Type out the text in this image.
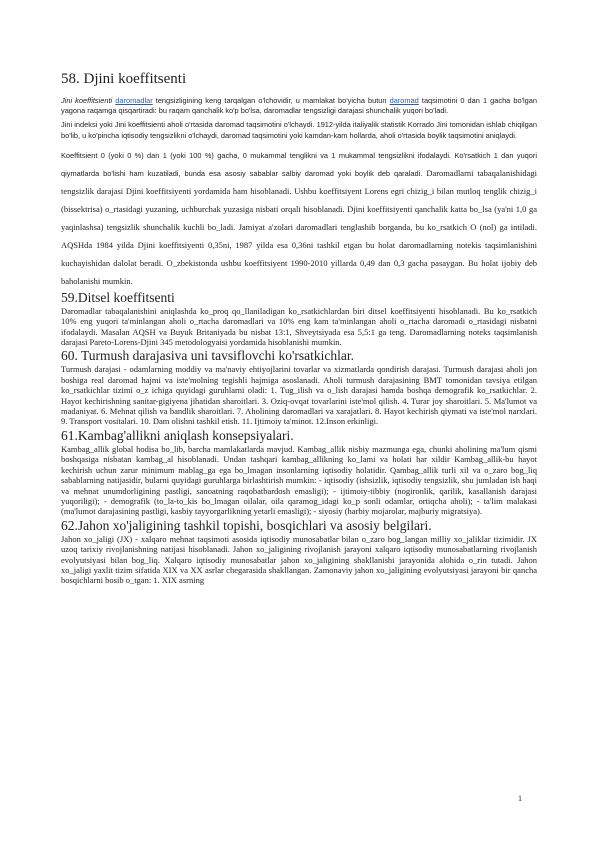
58. Djini koeffitsenti

Jini koeffitsienti daromadlar tengsizligining keng tarqalgan o'lchovidir, u mamlakat bo'yicha butun daromad taqsimotini 0 dan 1 gacha bo'lgan yagona raqamga qisqartiradi: bu raqam qanchalik ko'p bo'lsa, daromadlar tengsizligi darajasi shunchalik yuqori bo'ladi.

Jini indeksi yoki Jini koeffitsienti aholi o'rtasida daromad taqsimotini o'lchaydi. 1912-yilda italiyalik statistik Korrado Jini tomonidan ishlab chiqilgan bo'lib, u ko'pincha iqtisodiy tengsizlikni o'lchaydi, daromad taqsimotini yoki kamdan-kam hollarda, aholi o'rtasida boylik taqsimotini aniqlaydi.

Koeffitsient 0 (yoki 0 %) dan 1 (yoki 100 %) gacha, 0 mukammal tenglikni va 1 mukammal tengsizlikni ifodalaydi. Ko'rsatkich 1 dan yuqori qiymatlarda bo'lishi ham kuzatiladi, bunda esa asosiy sabablar salbiy daromad yoki boylik deb qaraladi. Daromadlarni tabaqalanishidagi tengsizlik darajasi Djini koeffitsiyenti yordamida ham hisoblanadi. Ushbu koeffitsiyent Lorens egri chizig_i bilan mutloq tenglik chizig_i (bissektrisa) o_rtasidagi yuzaning, uchburchak yuzasiga nisbati orqali hisoblanadi. Djini koeffitsiyenti qanchalik katta bo_lsa (ya'ni 1,0 ga yaqinlashsa) tengsizlik shunchalik kuchli bo_ladi. Jamiyat a'zolari daromadlari tenglashib borganda, bu ko_rsatkich O (nol) ga intiladi. AQSHda 1984 yilda Djini koeffitsiyenti 0,35ni, 1987 yilda esa 0,36ni tashkil etgan bu holat daromadlarning notekis taqsimlanishini kuchayishidan dalolat beradi. O_zbekistonda ushbu koeffitsiyent 1990-2010 yillarda 0,49 dan 0,3 gacha pasaygan. Bu holat ijobiy deb baholanishi mumkin.

59.Ditsel koeffitsenti

Daromadlar tabaqalanishini aniqlashda ko_proq qo_llaniladigan ko_rsatkichlardan biri ditsel koeffitsiyenti hisoblanadi. Bu ko_rsatkich 10% eng yuqori ta'minlangan aholi o_rtacha daromadlari va 10% eng kam ta'minlangan aholi o_rtacha daromadi o_rtasidagi nisbatni ifodalaydi. Masalan AQSH va Buyuk Britaniyada bu nisbat 13:1, Shveytsiyada esa 5,5:1 ga teng. Daromadlarning noteks taqsimlanish darajasi Pareto-Lorens-Djini 345 metodologyaisi yordamida hisoblanishi mumkin.

60. Turmush darajasiva uni tavsiflovchi ko'rsatkichlar.

Turmush darajasi - odamlarning moddiy va ma'naviy ehtiyojlarini tovarlar va xizmatlarda qondirish darajasi. Turmush darajasi aholi jon boshiga real daromad hajmi va iste'molning tegishli hajmiga asoslanadi. Aholi turmush darajasining BMT tomonidan tavsiya etilgan ko_rsatkichlar tizimi o_z ichiga quyidagi guruhlarni oladi: 1. Tug_ilish va o_lish darajasi hamda boshqa demografik ko_rsatkichlar. 2. Hayot kechirishning sanitar-gigiyena jihatidan sharoitlari. 3. Oziq-ovqat tovarlarini iste'mol qilish. 4. Turar joy sharoitlari. 5. Ma'lumot va madaniyat. 6. Mehnat qilish va bandlik sharoitlari. 7. Aholining daromadlari va xarajatlari. 8. Hayot kechirish qiymati va iste'mol narxlari. 9. Transport vositalari. 10. Dam olishni tashkil etish. 11. Ijtimoiy ta'minot. 12.Inson erkinligi.

61.Kambag'allikni aniqlash konsepsiyalari.

Kambag_allik global hodisa bo_lib, barcha mamlakatlarda mavjud. Kambag_allik nisbiy mazmunga ega, chunki aholining ma'lum qismi boshqasiga nisbatan kambag_al hisoblanadi. Undan tashqari kambag_allikning ko_lami va holati har xildir Kambag_allik-bu hayot kechirish uchun zarur minimum mablag_ga ega bo_lmagan insonlarning iqtisodiy holatidir. Qambag_allik turli xil va o_zaro bog_liq sabablarning natijasidir, bularni quyidagi guruhlarga birlashtirish mumkin: - iqtisodiy (ishsizlik, iqtisodiy tengsizlik, shu jumladan ish haqi va mehnat unumdorligining pastligi, sanoatning raqobatbardosh emasligi); - ijtimoiy-tibbiy (nogironlik, qarilik, kasallanish darajasi yuqoriligi); - demografik (to_la-to_kis bo_lmagan oilalar, oila qaramog_idagi ko_p sonli odamlar, ortiqcha aholi); - ta'lim malakasi (ma'lumot darajasining pastligi, kasbiy tayyorgarlikning yetarli emasligi); - siyosiy (harbiy mojarolar, majburiy migratsiya).

62.Jahon xo'jaligining tashkil topishi, bosqichlari va asosiy belgilari.

Jahon xo_jaligi (JX) - xalqaro mehnat taqsimoti asosida iqtisodiy munosabatlar bilan o_zaro bog_langan milliy xo_jaliklar tizimidir. JX uzoq tarixiy rivojlanishning natijasi hisoblanadi. Jahon xo_jaligining rivojlanish jarayoni xalqaro iqtisodiy munosabatlarning rivojlanish evolyutsiyasi bilan bog_liq. Xalqaro iqtisodiy munosabatlar jahon xo_jaligining shakllanishi jarayonida alohida o_rin tutadi. Jahon xo_jaligi yaxlit tizim sifatida XIX va XX asrlar chegarasida shakllangan. Zamonaviy jahon xo_jaligining evolyutsiyasi jarayoni bir qancha bosqichlarni bosib o_tgan: 1. XIX asrning

1
